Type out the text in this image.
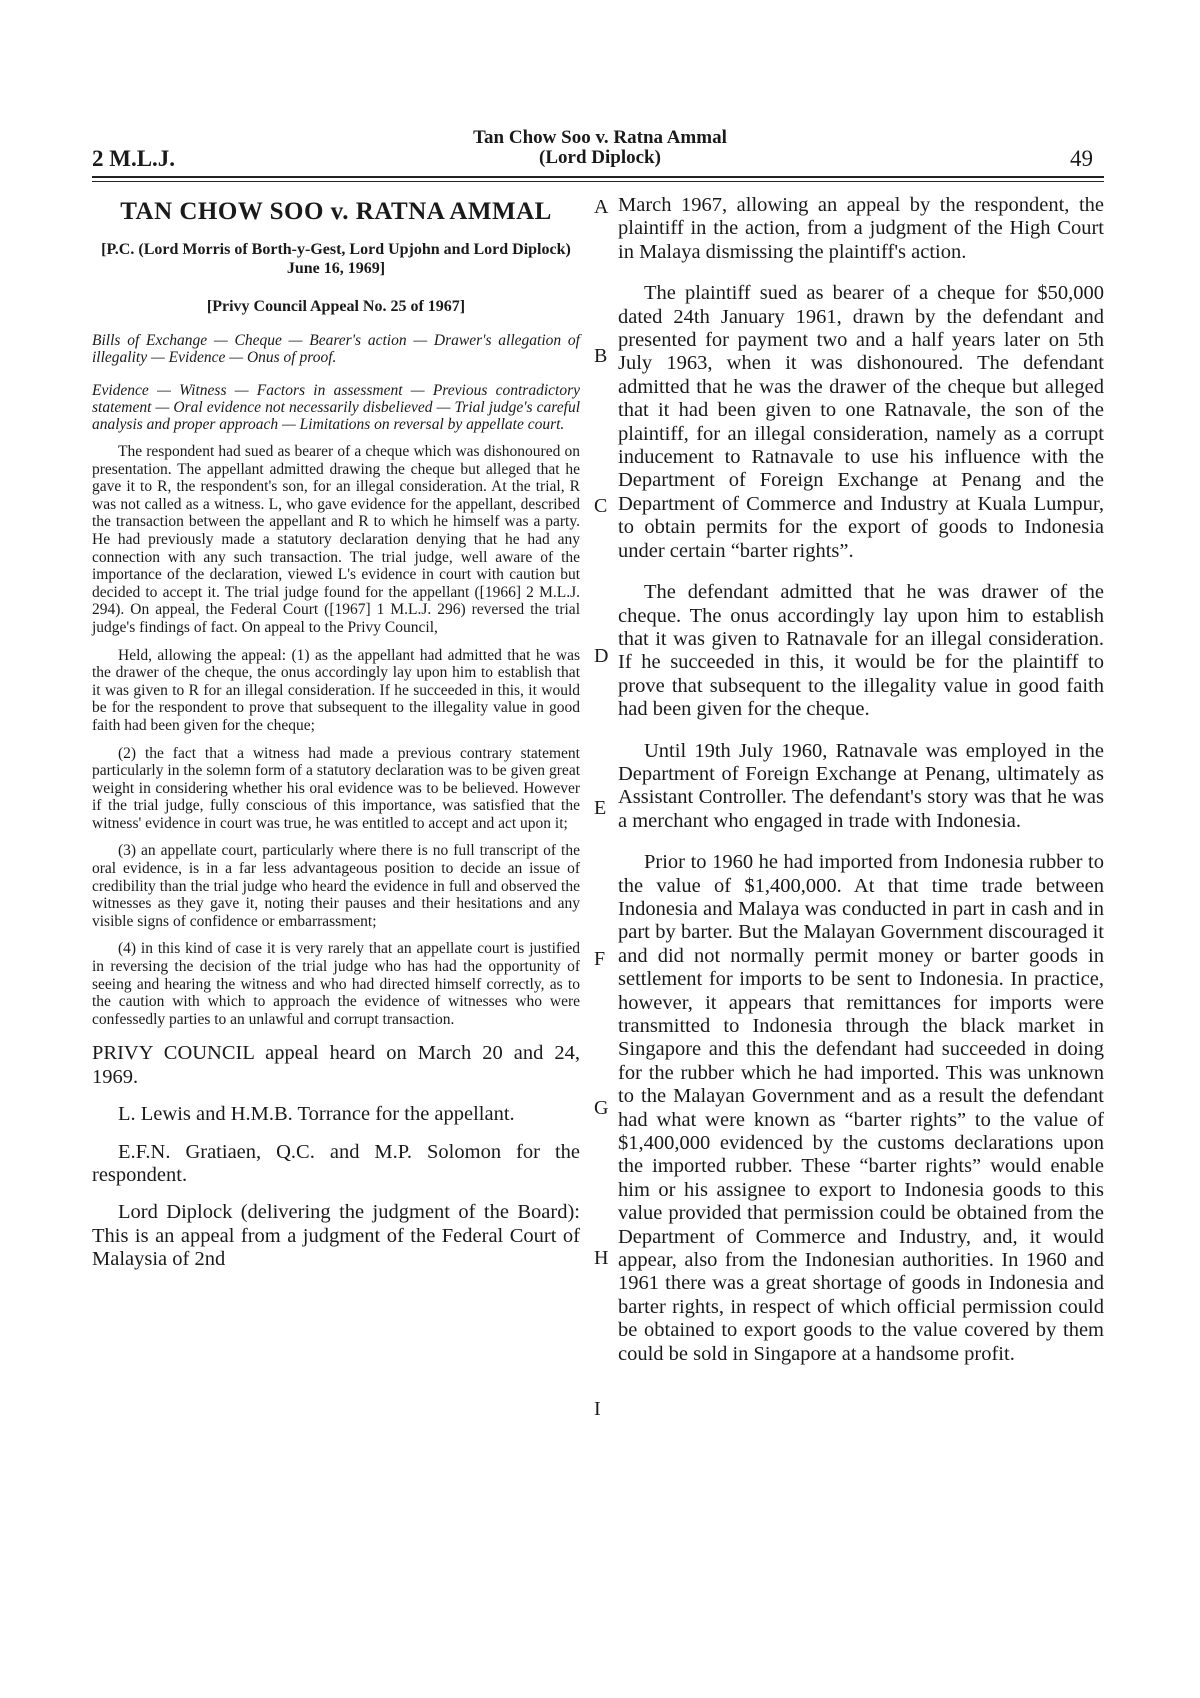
2 M.L.J.
Tan Chow Soo v. Ratna Ammal
(Lord Diplock)	49

TAN CHOW SOO v. RATNA AMMAL

[P.C. (Lord Morris of Borth-y-Gest, Lord Upjohn and Lord Diplock) June 16, 1969]

[Privy Council Appeal No. 25 of 1967]

Bills of Exchange — Cheque — Bearer's action — Drawer's allegation of illegality — Evidence — Onus of proof.

Evidence — Witness — Factors in assessment — Previous contradictory statement — Oral evidence not necessarily disbelieved — Trial judge's careful analysis and proper approach — Limitations on reversal by appellate court.

The respondent had sued as bearer of a cheque which was dishonoured on presentation. The appellant admitted drawing the cheque but alleged that he gave it to R, the respondent's son, for an illegal consideration. At the trial, R was not called as a witness. L, who gave evidence for the appellant, described the transaction between the appellant and R to which he himself was a party. He had previously made a statutory declaration denying that he had any connection with any such transaction. The trial judge, well aware of the importance of the declaration, viewed L's evidence in court with caution but decided to accept it. The trial judge found for the appellant ([1966] 2 M.L.J. 294). On appeal, the Federal Court ([1967] 1 M.L.J. 296) reversed the trial judge's findings of fact. On appeal to the Privy Council,

Held, allowing the appeal: (1) as the appellant had admitted that he was the drawer of the cheque, the onus accordingly lay upon him to establish that it was given to R for an illegal consideration. If he succeeded in this, it would be for the respondent to prove that subsequent to the illegality value in good faith had been given for the cheque;

(2) the fact that a witness had made a previous contrary statement particularly in the solemn form of a statutory declaration was to be given great weight in considering whether his oral evidence was to be believed. However if the trial judge, fully conscious of this importance, was satisfied that the witness' evidence in court was true, he was entitled to accept and act upon it;

(3) an appellate court, particularly where there is no full transcript of the oral evidence, is in a far less advantageous position to decide an issue of credibility than the trial judge who heard the evidence in full and observed the witnesses as they gave it, noting their pauses and their hesitations and any visible signs of confidence or embarrassment;

(4) in this kind of case it is very rarely that an appellate court is justified in reversing the decision of the trial judge who has had the opportunity of seeing and hearing the witness and who had directed himself correctly, as to the caution with which to approach the evidence of witnesses who were confessedly parties to an unlawful and corrupt transaction.

PRIVY COUNCIL appeal heard on March 20 and 24, 1969.

L. Lewis and H.M.B. Torrance for the appellant.

E.F.N. Gratiaen, Q.C. and M.P. Solomon for the respondent.

Lord Diplock (delivering the judgment of the Board): This is an appeal from a judgment of the Federal Court of Malaysia of 2nd

March 1967, allowing an appeal by the respondent, the plaintiff in the action, from a judgment of the High Court in Malaya dismissing the plaintiff's action.

The plaintiff sued as bearer of a cheque for $50,000 dated 24th January 1961, drawn by the defendant and presented for payment two and a half years later on 5th July 1963, when it was dishonoured. The defendant admitted that he was the drawer of the cheque but alleged that it had been given to one Ratnavale, the son of the plaintiff, for an illegal consideration, namely as a corrupt inducement to Ratnavale to use his influence with the Department of Foreign Exchange at Penang and the Department of Commerce and Industry at Kuala Lumpur, to obtain permits for the export of goods to Indonesia under certain “barter rights”.

The defendant admitted that he was drawer of the cheque. The onus accordingly lay upon him to establish that it was given to Ratnavale for an illegal consideration. If he succeeded in this, it would be for the plaintiff to prove that subsequent to the illegality value in good faith had been given for the cheque.

Until 19th July 1960, Ratnavale was employed in the Department of Foreign Exchange at Penang, ultimately as Assistant Controller. The defendant's story was that he was a merchant who engaged in trade with Indonesia.

Prior to 1960 he had imported from Indonesia rubber to the value of $1,400,000. At that time trade between Indonesia and Malaya was conducted in part in cash and in part by barter. But the Malayan Government discouraged it and did not normally permit money or barter goods in settlement for imports to be sent to Indonesia. In practice, however, it appears that remittances for imports were transmitted to Indonesia through the black market in Singapore and this the defendant had succeeded in doing for the rubber which he had imported. This was unknown to the Malayan Government and as a result the defendant had what were known as “barter rights” to the value of $1,400,000 evidenced by the customs declarations upon the imported rubber. These “barter rights” would enable him or his assignee to export to Indonesia goods to this value provided that permission could be obtained from the Department of Commerce and Industry, and, it would appear, also from the Indonesian authorities. In 1960 and 1961 there was a great shortage of goods in Indonesia and barter rights, in respect of which official permission could be obtained to export goods to the value covered by them could be sold in Singapore at a handsome profit.

A
B
C
D
E
F
G
H
I
